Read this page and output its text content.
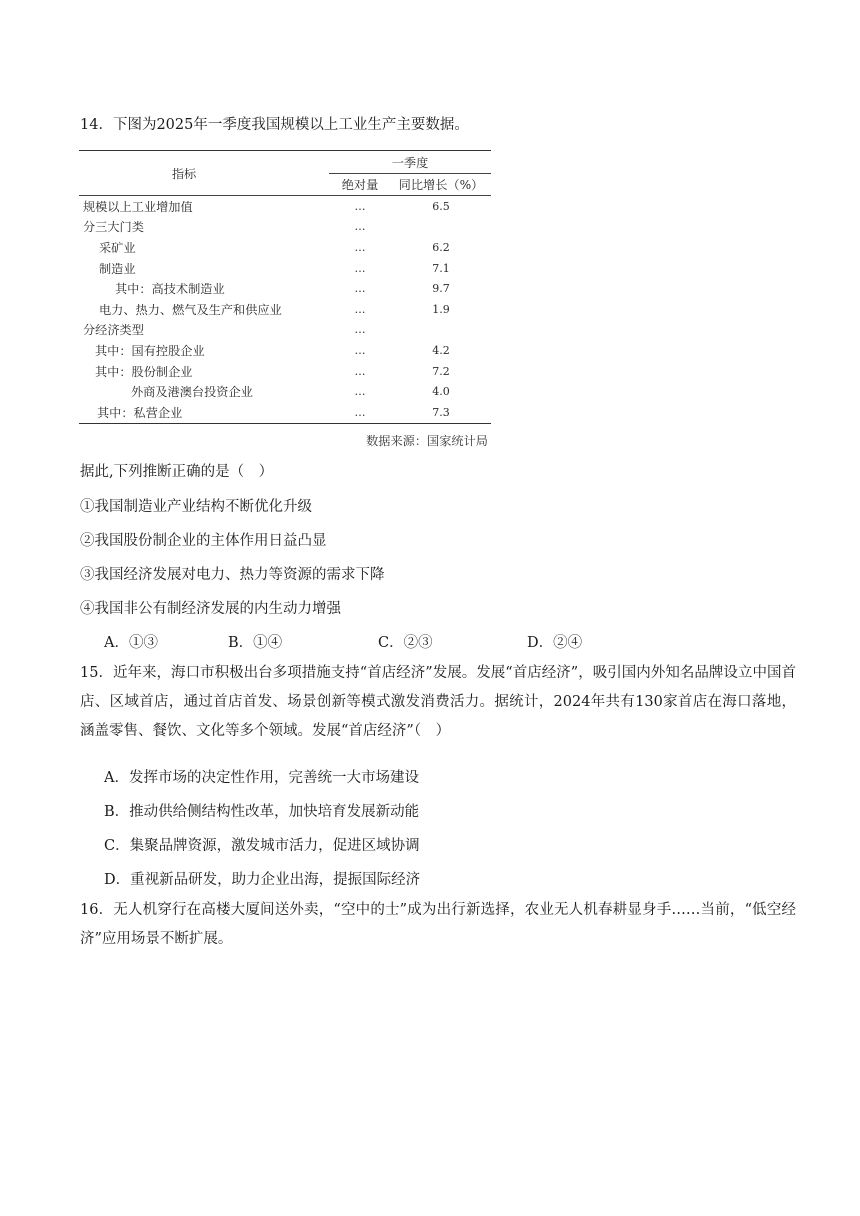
14．下图为2025年一季度我国规模以上工业生产主要数据。
指标	一季度	
	绝对量	同比增长（%）
规模以上工业增加值	…	6.5
分三大门类	…	
采矿业	…	6.2
制造业	…	7.1
其中：高技术制造业	…	9.7
电力、热力、燃气及生产和供应业	…	1.9
分经济类型	…	
其中：国有控股企业	…	4.2
其中：股份制企业	…	7.2
外商及港澳台投资企业	…	4.0
其中：私营企业	…	7.3
数据来源：国家统计局
据此,下列推断正确的是（　）
①我国制造业产业结构不断优化升级
②我国股份制企业的主体作用日益凸显
③我国经济发展对电力、热力等资源的需求下降
④我国非公有制经济发展的内生动力增强
A．①③	B．①④	C．②③	D．②④
15．近年来，海口市积极出台多项措施支持“首店经济”发展。发展“首店经济”，吸引国内外知名品牌设立中国首店、区域首店，通过首店首发、场景创新等模式激发消费活力。据统计，2024年共有130家首店在海口落地，涵盖零售、餐饮、文化等多个领域。发展“首店经济”（　）
A．发挥市场的决定性作用，完善统一大市场建设
B．推动供给侧结构性改革，加快培育发展新动能
C．集聚品牌资源，激发城市活力，促进区域协调
D．重视新品研发，助力企业出海，提振国际经济
16．无人机穿行在高楼大厦间送外卖，“空中的士”成为出行新选择，农业无人机春耕显身手……当前，“低空经济”应用场景不断扩展。
